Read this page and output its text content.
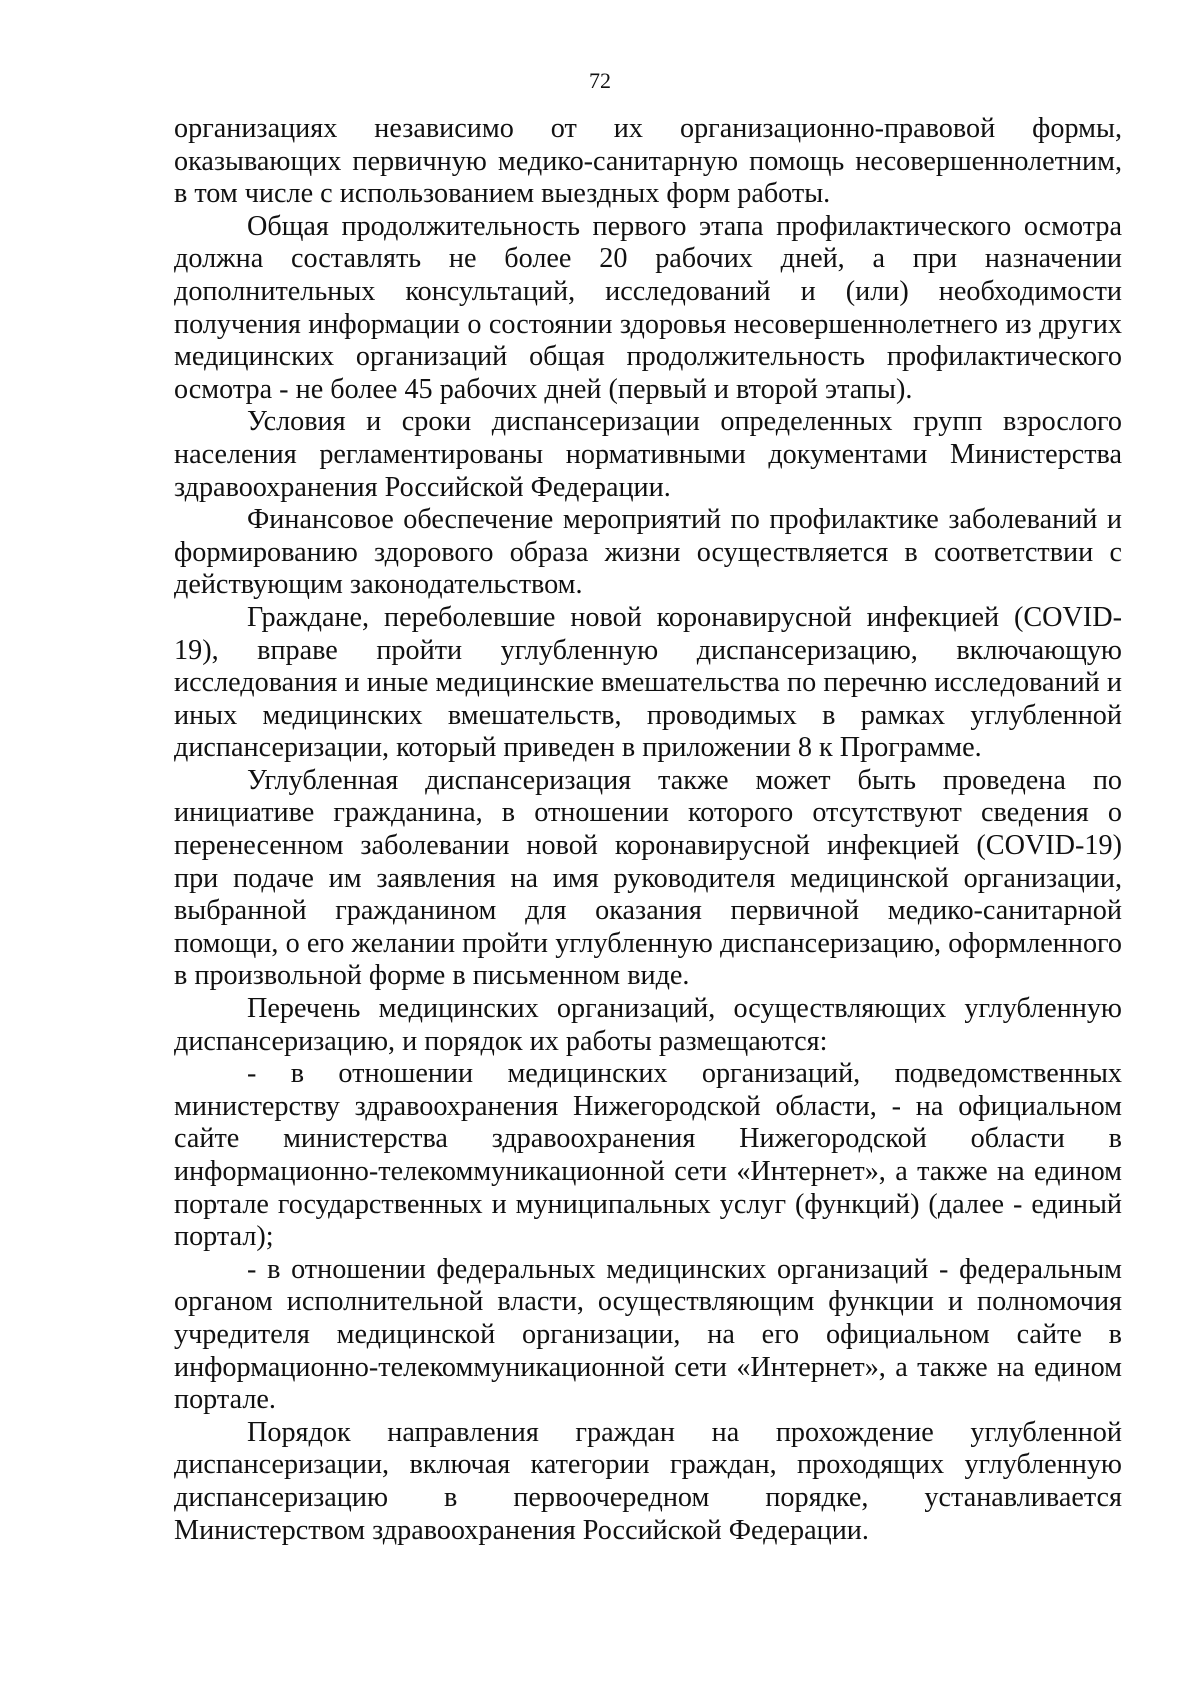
72

организациях независимо от их организационно-правовой формы, оказывающих первичную медико-санитарную помощь несовершеннолетним, в том числе с использованием выездных форм работы.

Общая продолжительность первого этапа профилактического осмотра должна составлять не более 20 рабочих дней, а при назначении дополнительных консультаций, исследований и (или) необходимости получения информации о состоянии здоровья несовершеннолетнего из других медицинских организаций общая продолжительность профилактического осмотра - не более 45 рабочих дней (первый и второй этапы).

Условия и сроки диспансеризации определенных групп взрослого населения регламентированы нормативными документами Министерства здравоохранения Российской Федерации.

Финансовое обеспечение мероприятий по профилактике заболеваний и формированию здорового образа жизни осуществляется в соответствии с действующим законодательством.

Граждане, переболевшие новой коронавирусной инфекцией (COVID-19), вправе пройти углубленную диспансеризацию, включающую исследования и иные медицинские вмешательства по перечню исследований и иных медицинских вмешательств, проводимых в рамках углубленной диспансеризации, который приведен в приложении 8 к Программе.

Углубленная диспансеризация также может быть проведена по инициативе гражданина, в отношении которого отсутствуют сведения о перенесенном заболевании новой коронавирусной инфекцией (COVID-19) при подаче им заявления на имя руководителя медицинской организации, выбранной гражданином для оказания первичной медико-санитарной помощи, о его желании пройти углубленную диспансеризацию, оформленного в произвольной форме в письменном виде.

Перечень медицинских организаций, осуществляющих углубленную диспансеризацию, и порядок их работы размещаются:

- в отношении медицинских организаций, подведомственных министерству здравоохранения Нижегородской области, - на официальном сайте министерства здравоохранения Нижегородской области в информационно-телекоммуникационной сети «Интернет», а также на едином портале государственных и муниципальных услуг (функций) (далее - единый портал);

- в отношении федеральных медицинских организаций - федеральным органом исполнительной власти, осуществляющим функции и полномочия учредителя медицинской организации, на его официальном сайте в информационно-телекоммуникационной сети «Интернет», а также на едином портале.

Порядок направления граждан на прохождение углубленной диспансеризации, включая категории граждан, проходящих углубленную диспансеризацию в первоочередном порядке, устанавливается Министерством здравоохранения Российской Федерации.
